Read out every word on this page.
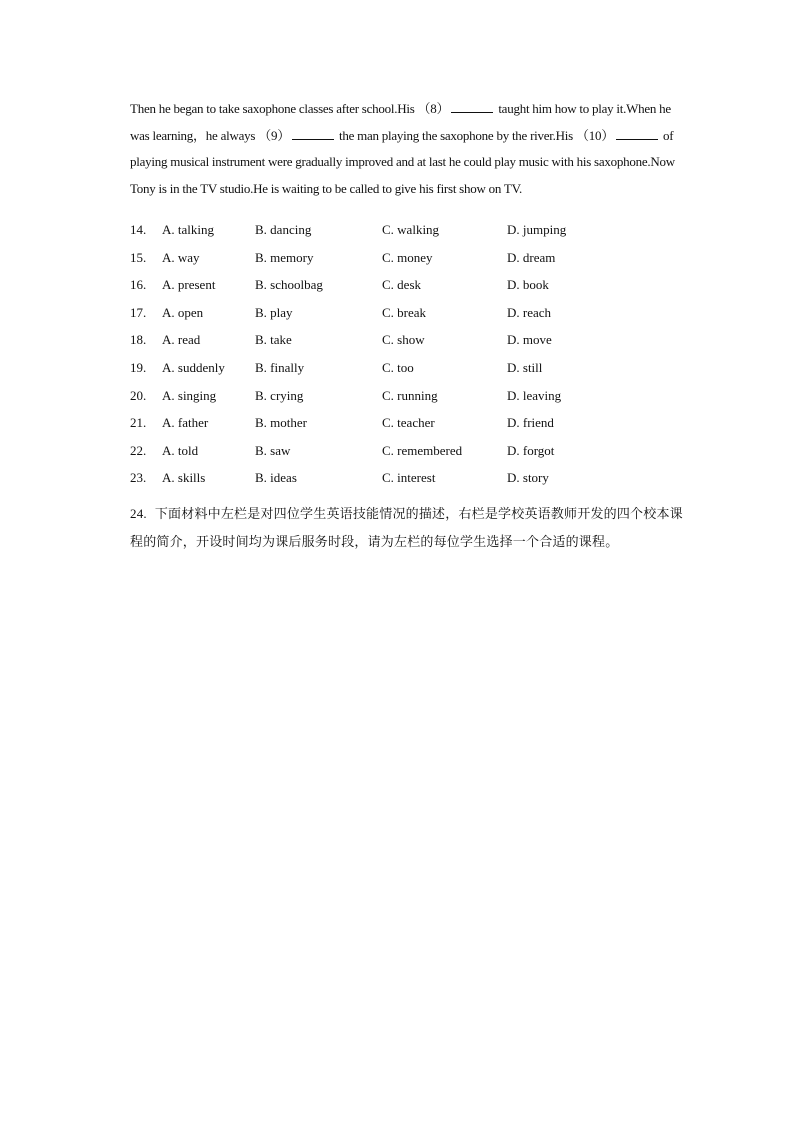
Then he began to take saxophone classes after school.His （8）	taught him how to play it.When he was learning，he always （9）	the man playing the saxophone by the river.His （10）	of playing musical instrument were gradually improved and at last he could play music with his saxophone.Now Tony is in the TV studio.He is waiting to be called to give his first show on TV.

14. A. talking	B. dancing	C. walking	D. jumping
15. A. way	B. memory	C. money	D. dream
16. A. present	B. schoolbag	C. desk	D. book
17. A. open	B. play	C. break	D. reach
18. A. read	B. take	C. show	D. move
19. A. suddenly B. finally	C. too	D. still
20. A. singing	B. crying	C. running	D. leaving
21. A. father	B. mother	C. teacher	D. friend
22. A. told	B. saw	C. remembered	D. forgot
23. A. skills	B. ideas	C. interest	D. story
24. 下面材料中左栏是对四位学生英语技能情况的描述，右栏是学校英语教师开发的四个校本课程的简介，开设时间均为课后服务时段，请为左栏的每位学生选择一个合适的课程。
